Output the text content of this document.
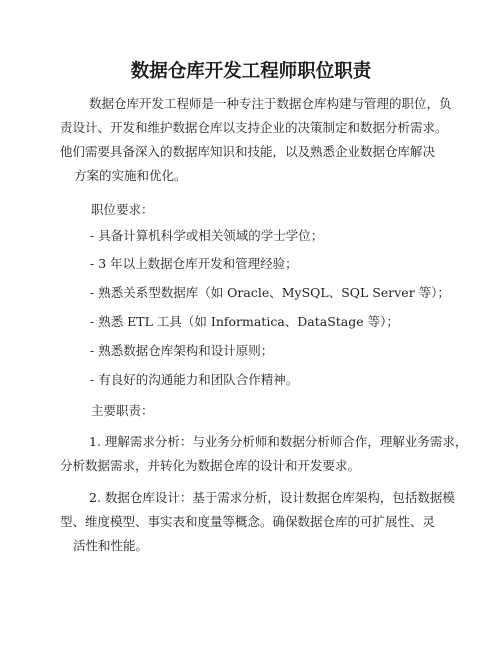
数据仓库开发工程师职位职责
数据仓库开发工程师是一种专注于数据仓库构建与管理的职位，负
责设计、开发和维护数据仓库以支持企业的决策制定和数据分析需求。
他们需要具备深入的数据库知识和技能，以及熟悉企业数据仓库解决
方案的实施和优化。
职位要求：
- 具备计算机科学或相关领域的学士学位；
- 3 年以上数据仓库开发和管理经验；
- 熟悉关系型数据库（如 Oracle、MySQL、SQL Server 等）；
- 熟悉 ETL 工具（如 Informatica、DataStage 等）；
- 熟悉数据仓库架构和设计原则；
- 有良好的沟通能力和团队合作精神。
主要职责：
1. 理解需求分析：与业务分析师和数据分析师合作，理解业务需求，
分析数据需求，并转化为数据仓库的设计和开发要求。
2. 数据仓库设计：基于需求分析，设计数据仓库架构，包括数据模
型、维度模型、事实表和度量等概念。确保数据仓库的可扩展性、灵
活性和性能。
